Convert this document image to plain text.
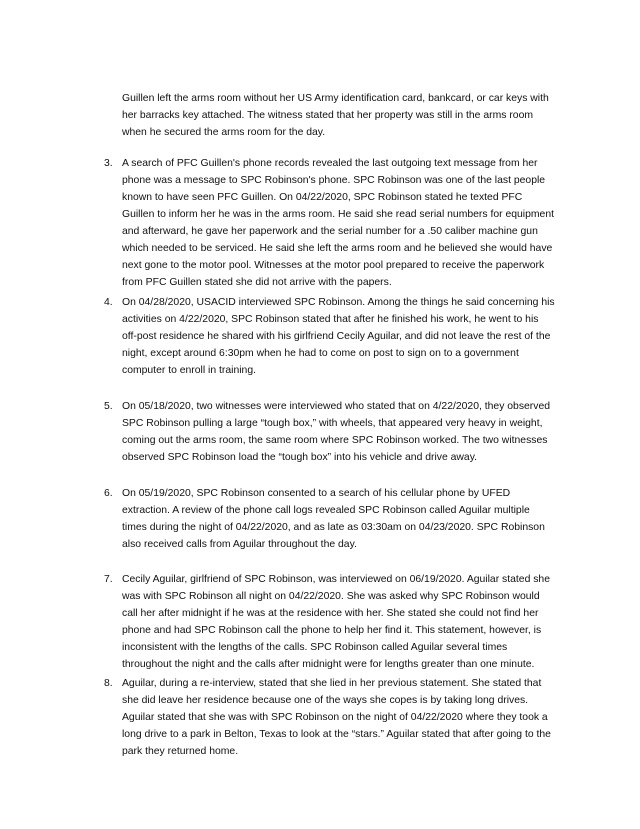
Guillen left the arms room without her US Army identification card, bankcard, or car keys with her barracks key attached. The witness stated that her property was still in the arms room when he secured the arms room for the day.

3. A search of PFC Guillen's phone records revealed the last outgoing text message from her phone was a message to SPC Robinson's phone. SPC Robinson was one of the last people known to have seen PFC Guillen. On 04/22/2020, SPC Robinson stated he texted PFC Guillen to inform her he was in the arms room. He said she read serial numbers for equipment and afterward, he gave her paperwork and the serial number for a .50 caliber machine gun which needed to be serviced. He said she left the arms room and he believed she would have next gone to the motor pool. Witnesses at the motor pool prepared to receive the paperwork from PFC Guillen stated she did not arrive with the papers.

4. On 04/28/2020, USACID interviewed SPC Robinson. Among the things he said concerning his activities on 4/22/2020, SPC Robinson stated that after he finished his work, he went to his off-post residence he shared with his girlfriend Cecily Aguilar, and did not leave the rest of the night, except around 6:30pm when he had to come on post to sign on to a government computer to enroll in training.

5. On 05/18/2020, two witnesses were interviewed who stated that on 4/22/2020, they observed SPC Robinson pulling a large “tough box,” with wheels, that appeared very heavy in weight, coming out the arms room, the same room where SPC Robinson worked. The two witnesses observed SPC Robinson load the “tough box” into his vehicle and drive away.

6. On 05/19/2020, SPC Robinson consented to a search of his cellular phone by UFED extraction. A review of the phone call logs revealed SPC Robinson called Aguilar multiple times during the night of 04/22/2020, and as late as 03:30am on 04/23/2020. SPC Robinson also received calls from Aguilar throughout the day.

7. Cecily Aguilar, girlfriend of SPC Robinson, was interviewed on 06/19/2020. Aguilar stated she was with SPC Robinson all night on 04/22/2020. She was asked why SPC Robinson would call her after midnight if he was at the residence with her. She stated she could not find her phone and had SPC Robinson call the phone to help her find it. This statement, however, is inconsistent with the lengths of the calls. SPC Robinson called Aguilar several times throughout the night and the calls after midnight were for lengths greater than one minute.

8. Aguilar, during a re-interview, stated that she lied in her previous statement. She stated that she did leave her residence because one of the ways she copes is by taking long drives. Aguilar stated that she was with SPC Robinson on the night of 04/22/2020 where they took a long drive to a park in Belton, Texas to look at the “stars.” Aguilar stated that after going to the park they returned home.
